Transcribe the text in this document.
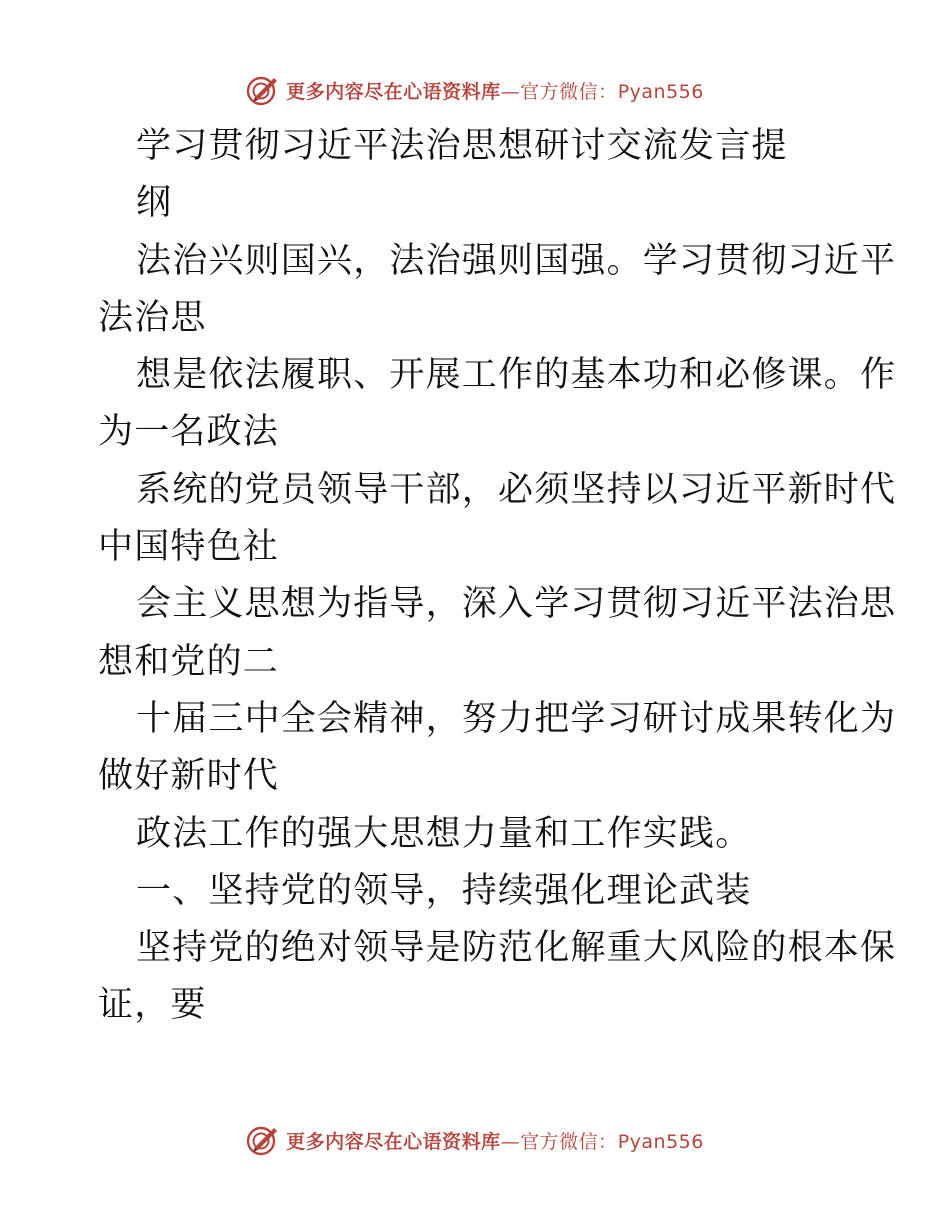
更多内容尽在心语资料库—官方微信：Pyan556
学习贯彻习近平法治思想研讨交流发言提
纲
法治兴则国兴，法治强则国强。学习贯彻习近平
法治思
想是依法履职、开展工作的基本功和必修课。作
为一名政法
系统的党员领导干部，必须坚持以习近平新时代
中国特色社
会主义思想为指导，深入学习贯彻习近平法治思
想和党的二
十届三中全会精神，努力把学习研讨成果转化为
做好新时代
政法工作的强大思想力量和工作实践。
一、坚持党的领导，持续强化理论武装
坚持党的绝对领导是防范化解重大风险的根本保
证，要
更多内容尽在心语资料库—官方微信：Pyan556
